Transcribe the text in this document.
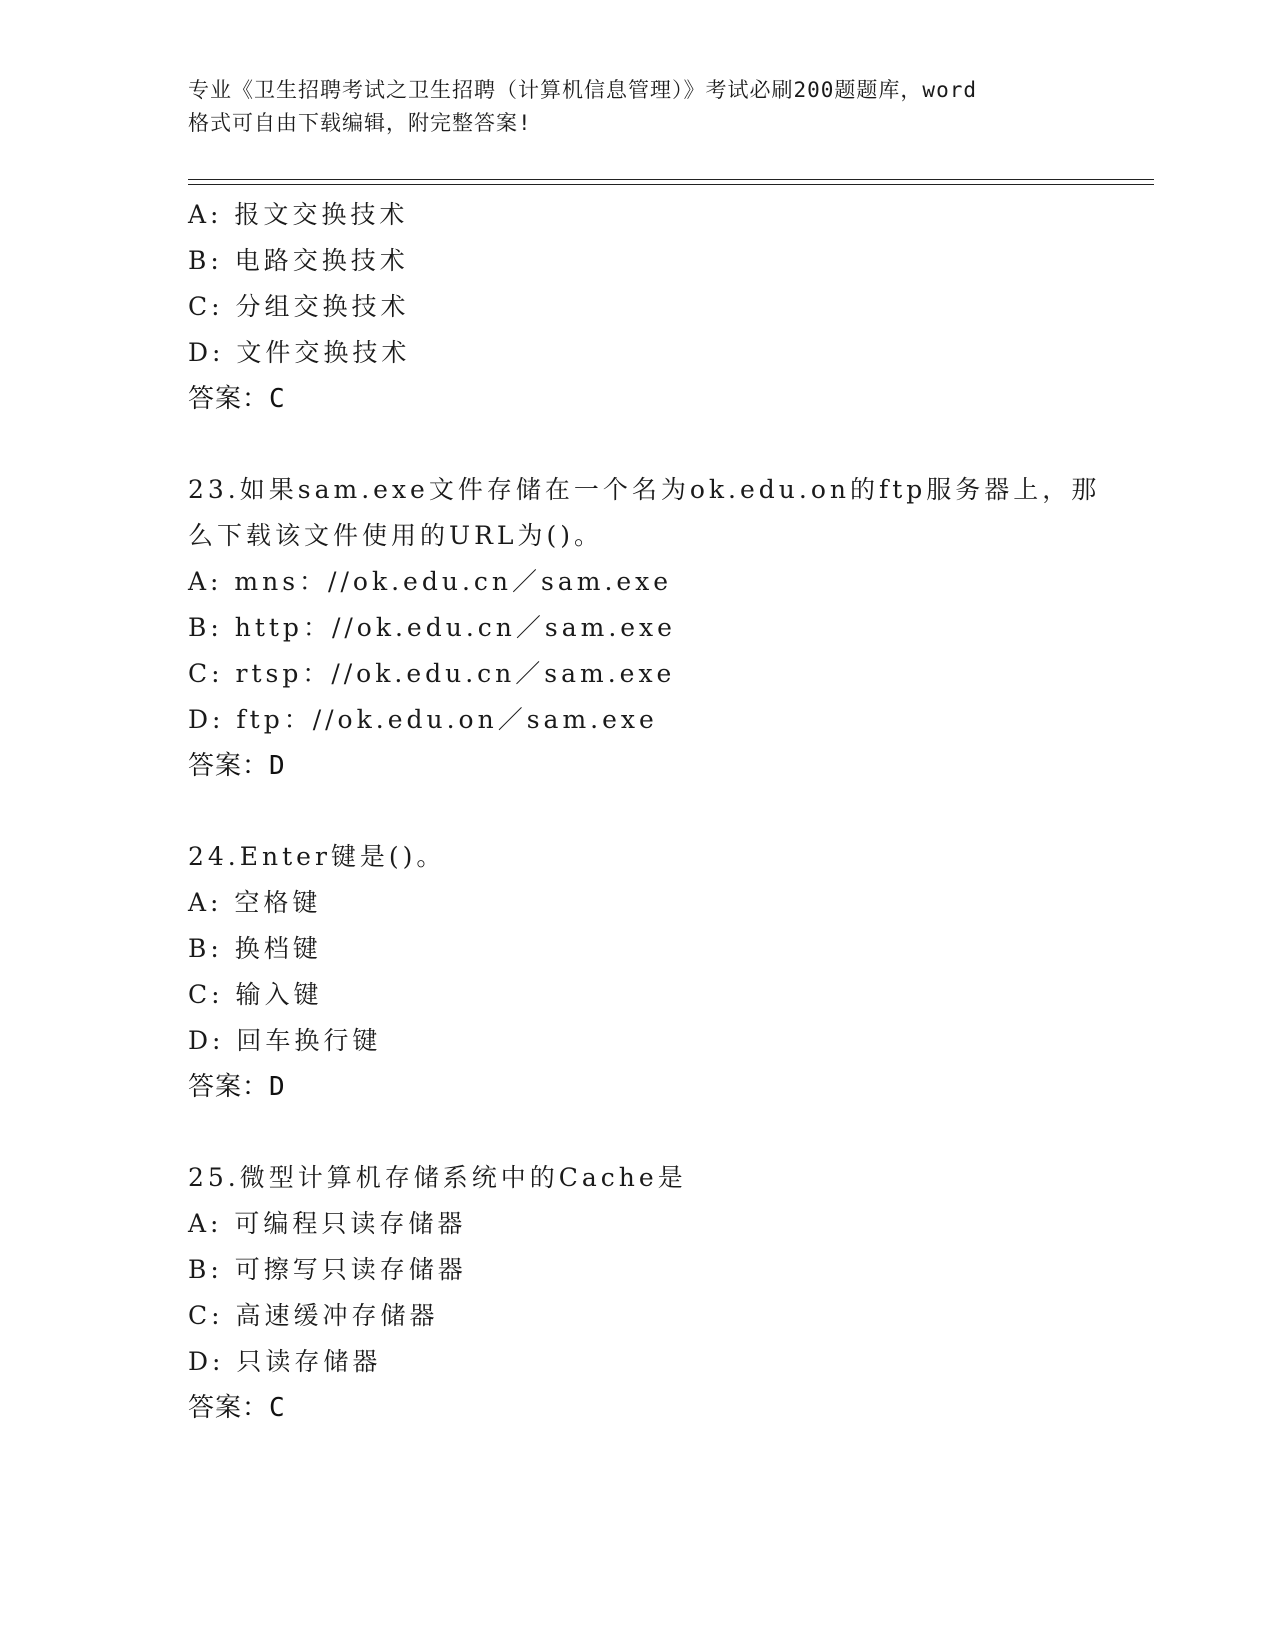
专业《卫生招聘考试之卫生招聘（计算机信息管理）》考试必刷200题题库，word
格式可自由下载编辑，附完整答案!
A: 报文交换技术
B: 电路交换技术
C: 分组交换技术
D: 文件交换技术
答案：C
23.如果sam.exe文件存储在一个名为ok.edu.on的ftp服务器上，那
么下载该文件使用的URL为()。
A: mns：//ok.edu.cn／sam.exe
B: http：//ok.edu.cn／sam.exe
C: rtsp：//ok.edu.cn／sam.exe
D: ftp：//ok.edu.on／sam.exe
答案：D
24.Enter键是()。
A: 空格键
B: 换档键
C: 输入键
D: 回车换行键
答案：D
25.微型计算机存储系统中的Cache是
A: 可编程只读存储器
B: 可擦写只读存储器
C: 高速缓冲存储器
D: 只读存储器
答案：C
